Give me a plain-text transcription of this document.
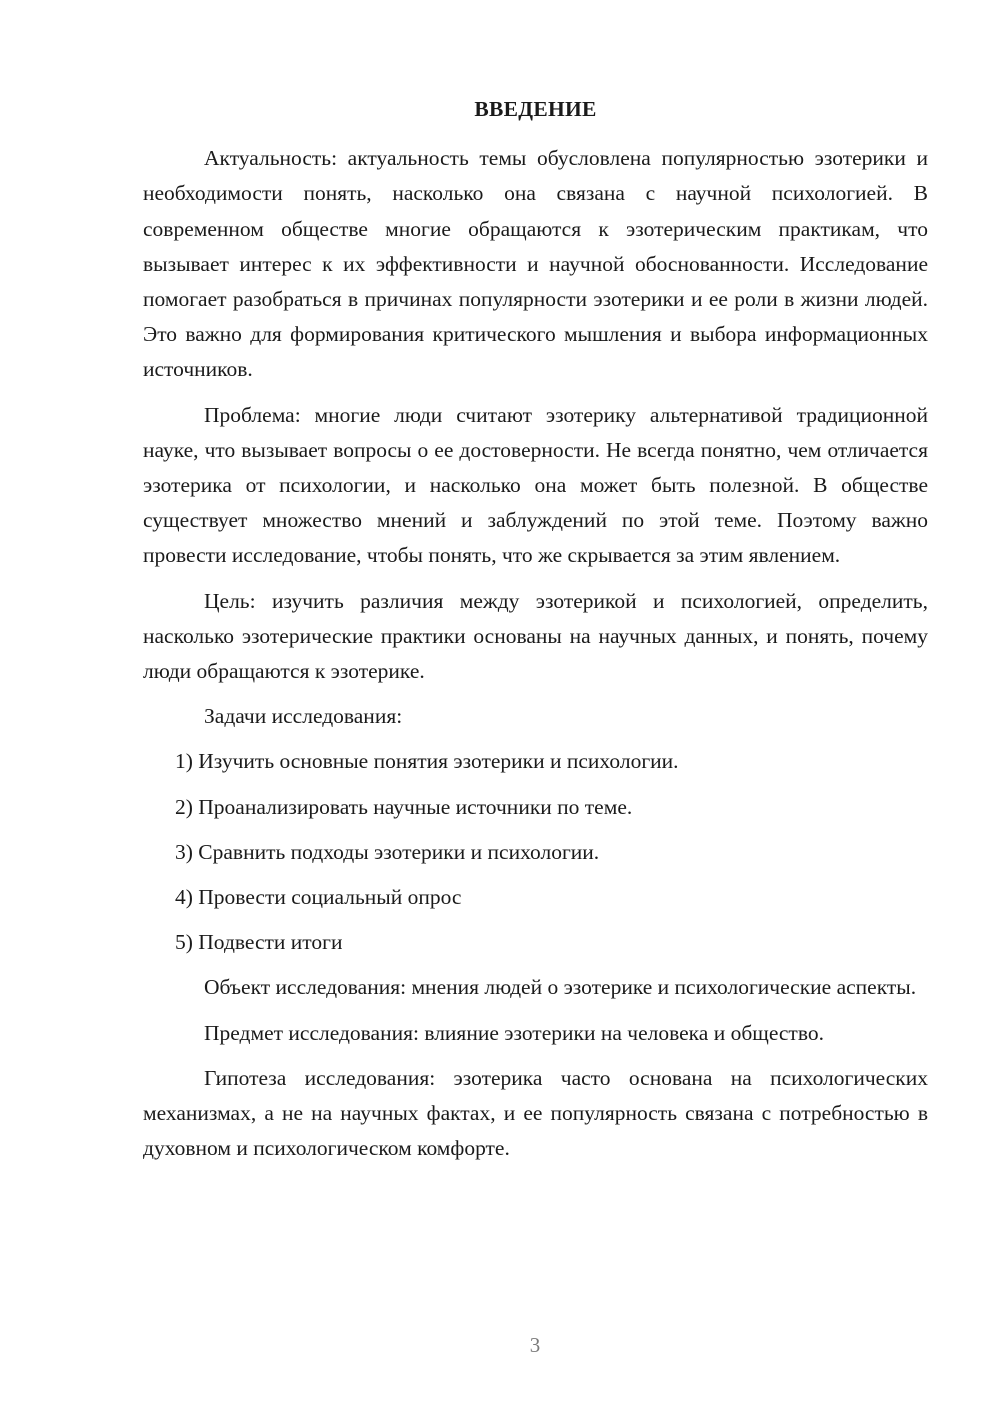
ВВЕДЕНИЕ

Актуальность: актуальность темы обусловлена популярностью эзотерики и необходимости понять, насколько она связана с научной психологией. В современном обществе многие обращаются к эзотерическим практикам, что вызывает интерес к их эффективности и научной обоснованности. Исследование помогает разобраться в причинах популярности эзотерики и ее роли в жизни людей. Это важно для формирования критического мышления и выбора информационных источников.

Проблема: многие люди считают эзотерику альтернативой традиционной науке, что вызывает вопросы о ее достоверности. Не всегда понятно, чем отличается эзотерика от психологии, и насколько она может быть полезной. В обществе существует множество мнений и заблуждений по этой теме. Поэтому важно провести исследование, чтобы понять, что же скрывается за этим явлением.

Цель: изучить различия между эзотерикой и психологией, определить, насколько эзотерические практики основаны на научных данных, и понять, почему люди обращаются к эзотерике.

Задачи исследования:

1) Изучить основные понятия эзотерики и психологии.
2) Проанализировать научные источники по теме.
3) Сравнить подходы эзотерики и психологии.
4) Провести социальный опрос
5) Подвести итоги

Объект исследования: мнения людей о эзотерике и психологические аспекты.

Предмет исследования: влияние эзотерики на человека и общество.

Гипотеза исследования: эзотерика часто основана на психологических механизмах, а не на научных фактах, и ее популярность связана с потребностью в духовном и психологическом комфорте.

3
